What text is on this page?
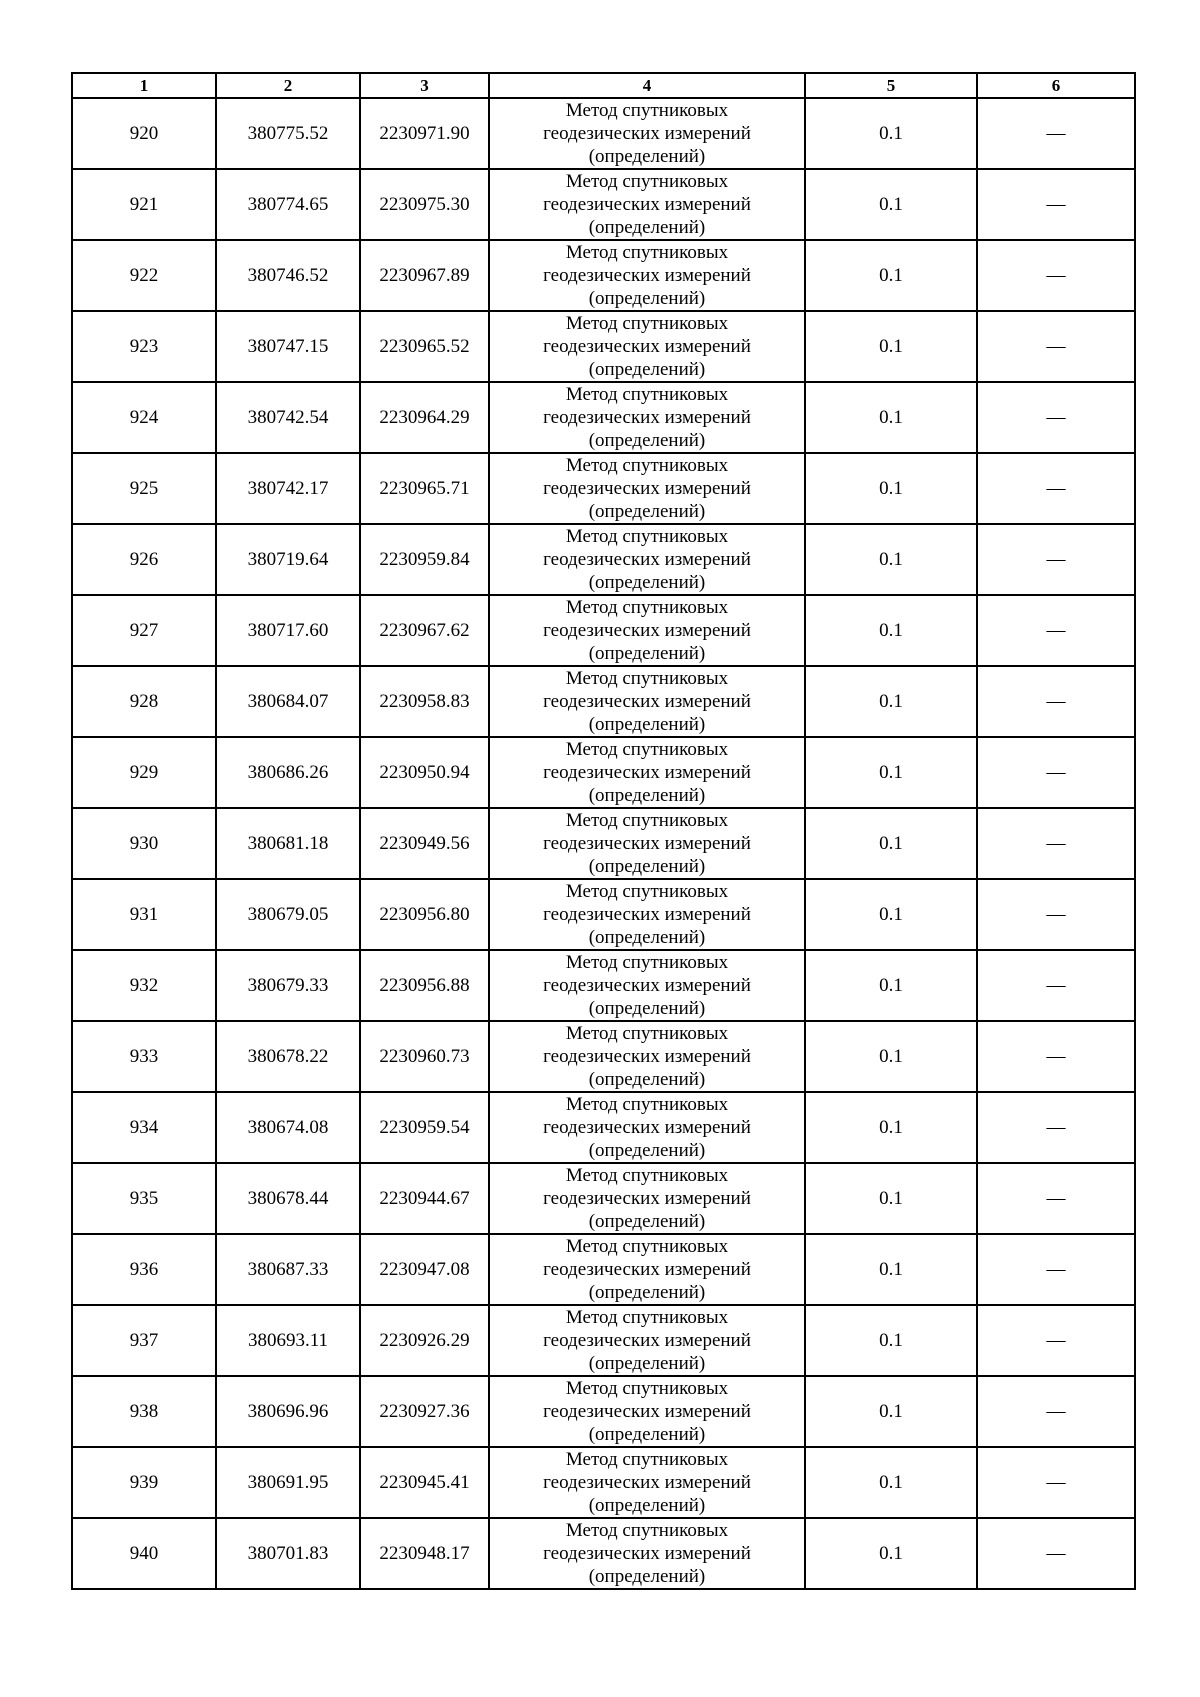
1	2	3	4	5	6
920	380775.52	2230971.90	Метод спутниковых
геодезических измерений
(определений)	0.1	—
921	380774.65	2230975.30	Метод спутниковых
геодезических измерений
(определений)	0.1	—
922	380746.52	2230967.89	Метод спутниковых
геодезических измерений
(определений)	0.1	—
923	380747.15	2230965.52	Метод спутниковых
геодезических измерений
(определений)	0.1	—
924	380742.54	2230964.29	Метод спутниковых
геодезических измерений
(определений)	0.1	—
925	380742.17	2230965.71	Метод спутниковых
геодезических измерений
(определений)	0.1	—
926	380719.64	2230959.84	Метод спутниковых
геодезических измерений
(определений)	0.1	—
927	380717.60	2230967.62	Метод спутниковых
геодезических измерений
(определений)	0.1	—
928	380684.07	2230958.83	Метод спутниковых
геодезических измерений
(определений)	0.1	—
929	380686.26	2230950.94	Метод спутниковых
геодезических измерений
(определений)	0.1	—
930	380681.18	2230949.56	Метод спутниковых
геодезических измерений
(определений)	0.1	—
931	380679.05	2230956.80	Метод спутниковых
геодезических измерений
(определений)	0.1	—
932	380679.33	2230956.88	Метод спутниковых
геодезических измерений
(определений)	0.1	—
933	380678.22	2230960.73	Метод спутниковых
геодезических измерений
(определений)	0.1	—
934	380674.08	2230959.54	Метод спутниковых
геодезических измерений
(определений)	0.1	—
935	380678.44	2230944.67	Метод спутниковых
геодезических измерений
(определений)	0.1	—
936	380687.33	2230947.08	Метод спутниковых
геодезических измерений
(определений)	0.1	—
937	380693.11	2230926.29	Метод спутниковых
геодезических измерений
(определений)	0.1	—
938	380696.96	2230927.36	Метод спутниковых
геодезических измерений
(определений)	0.1	—
939	380691.95	2230945.41	Метод спутниковых
геодезических измерений
(определений)	0.1	—
940	380701.83	2230948.17	Метод спутниковых
геодезических измерений
(определений)	0.1	—
